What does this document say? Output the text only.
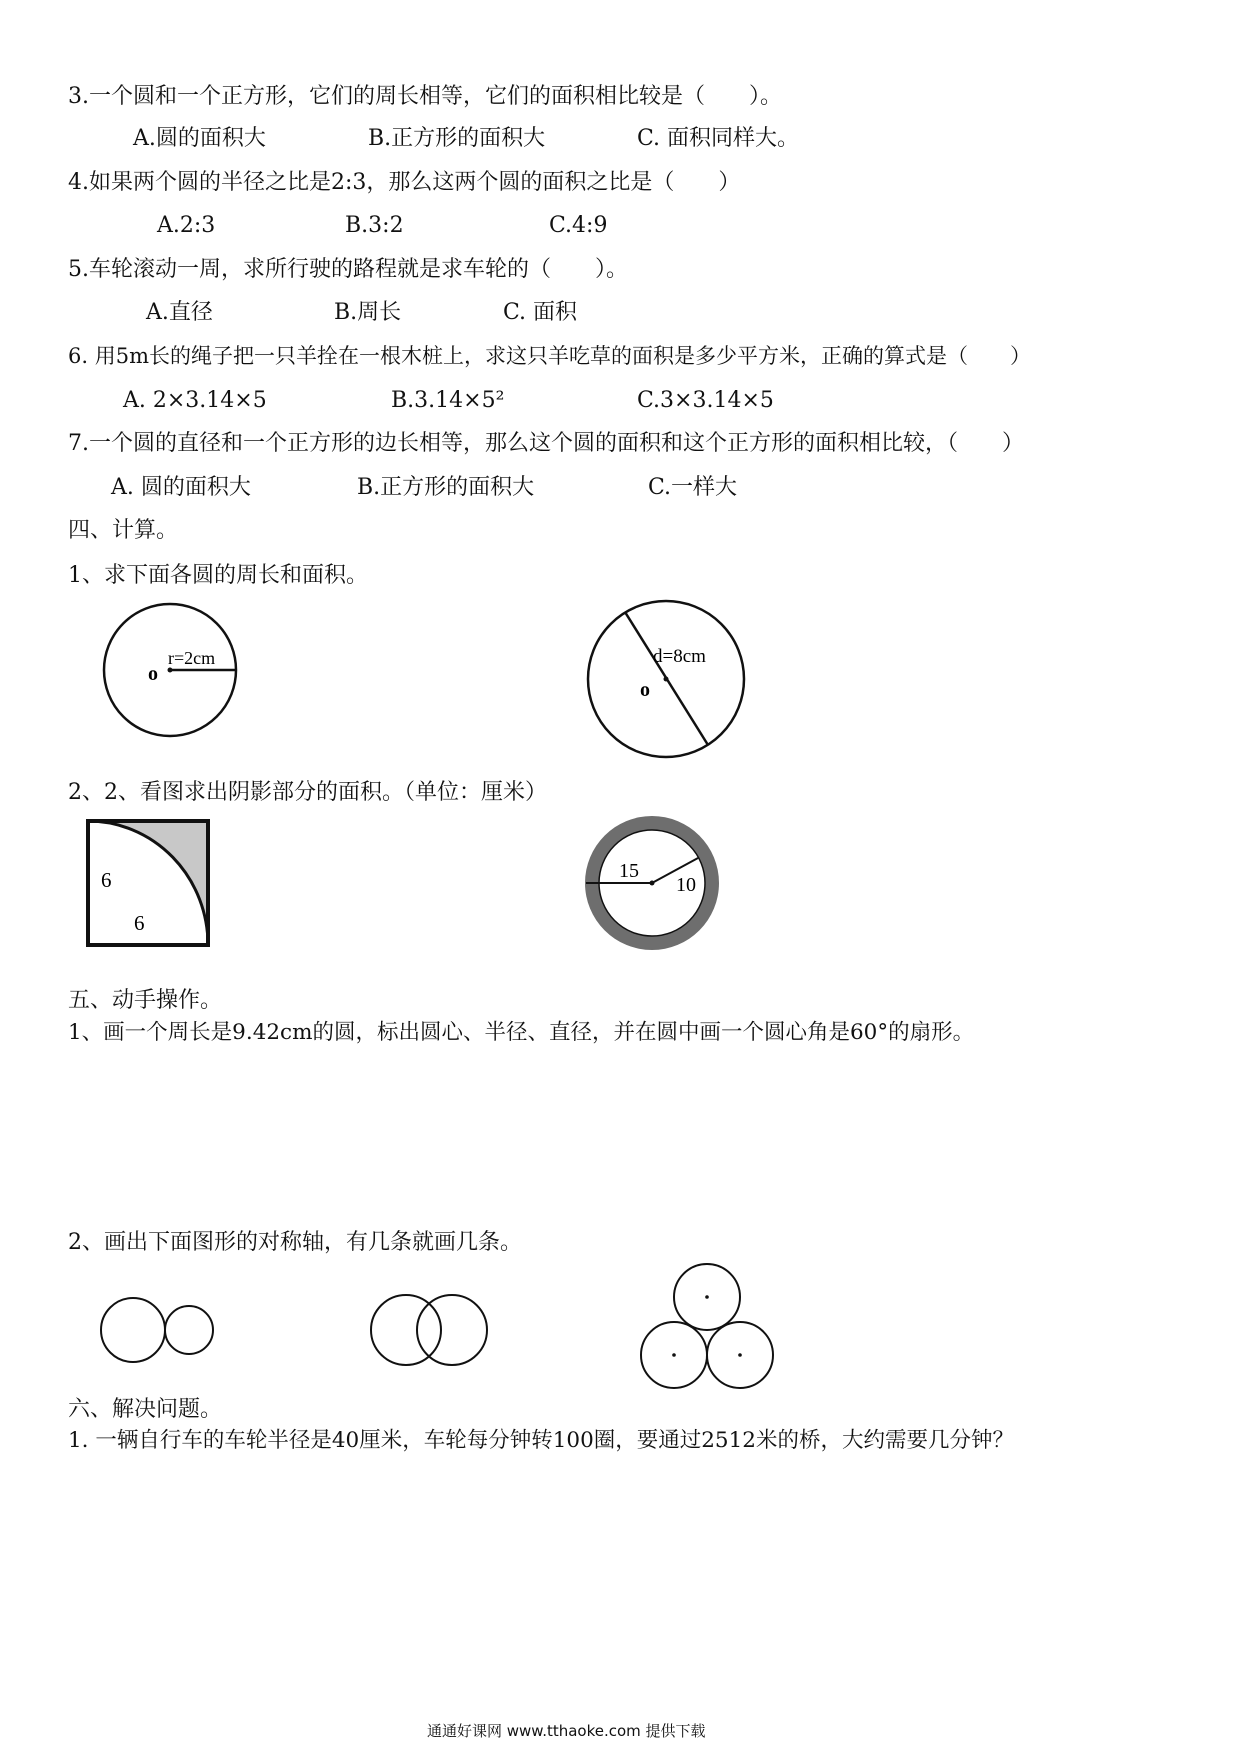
3.一个圆和一个正方形，它们的周长相等，它们的面积相比较是（　　）。
A.圆的面积大	B.正方形的面积大	C. 面积同样大。
4.如果两个圆的半径之比是2:3，那么这两个圆的面积之比是（　　）
A.2:3	B.3:2	C.4:9
5.车轮滚动一周，求所行驶的路程就是求车轮的（　　）。
A.直径	B.周长	C. 面积
6. 用5m长的绳子把一只羊拴在一根木桩上，求这只羊吃草的面积是多少平方米，正确的算式是（　　）
A. 2×3.14×5	B.3.14×5²	C.3×3.14×5
7.一个圆的直径和一个正方形的边长相等，那么这个圆的面积和这个正方形的面积相比较，（　　）
A. 圆的面积大	B.正方形的面积大	C.一样大
四、计算。
1、求下面各圆的周长和面积。
o
r=2cm
o
d=8cm
2、2、看图求出阴影部分的面积。（单位：厘米）
6
6
15
10
五、动手操作。
1、画一个周长是9.42cm的圆，标出圆心、半径、直径，并在圆中画一个圆心角是60°的扇形。
2、画出下面图形的对称轴，有几条就画几条。
六、解决问题。
1. 一辆自行车的车轮半径是40厘米，车轮每分钟转100圈，要通过2512米的桥，大约需要几分钟？
通通好课网 www.tthaoke.com 提供下载
